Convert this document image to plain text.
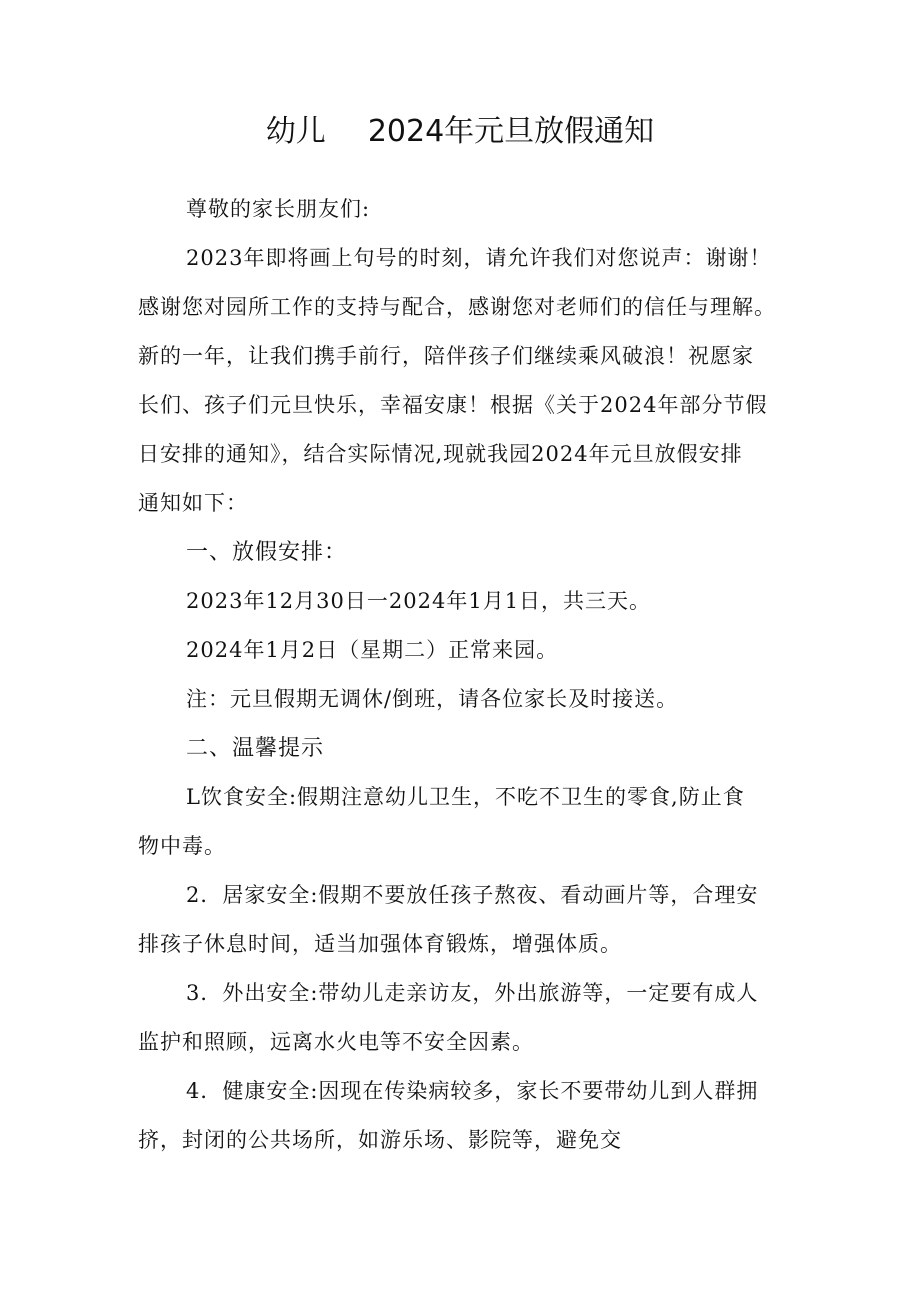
幼儿 2024年元旦放假通知

尊敬的家长朋友们:

2023年即将画上句号的时刻，请允许我们对您说声：谢谢！
感谢您对园所工作的支持与配合，感谢您对老师们的信任与理解。
新的一年，让我们携手前行，陪伴孩子们继续乘风破浪！祝愿家
长们、孩子们元旦快乐，幸福安康！根据《关于2024年部分节假
日安排的通知》，结合实际情况,现就我园2024年元旦放假安排
通知如下：

一、放假安排：

2023年12月30日一2024年1月1日，共三天。

2024年1月2日（星期二）正常来园。

注：元旦假期无调休/倒班，请各位家长及时接送。

二、温馨提示

L饮食安全:假期注意幼儿卫生，不吃不卫生的零食,防止食
物中毒。

2．居家安全:假期不要放任孩子熬夜、看动画片等，合理安
排孩子休息时间，适当加强体育锻炼，增强体质。

3．外出安全:带幼儿走亲访友，外出旅游等，一定要有成人
监护和照顾，远离水火电等不安全因素。

4．健康安全:因现在传染病较多，家长不要带幼儿到人群拥
挤，封闭的公共场所，如游乐场、影院等，避免交
